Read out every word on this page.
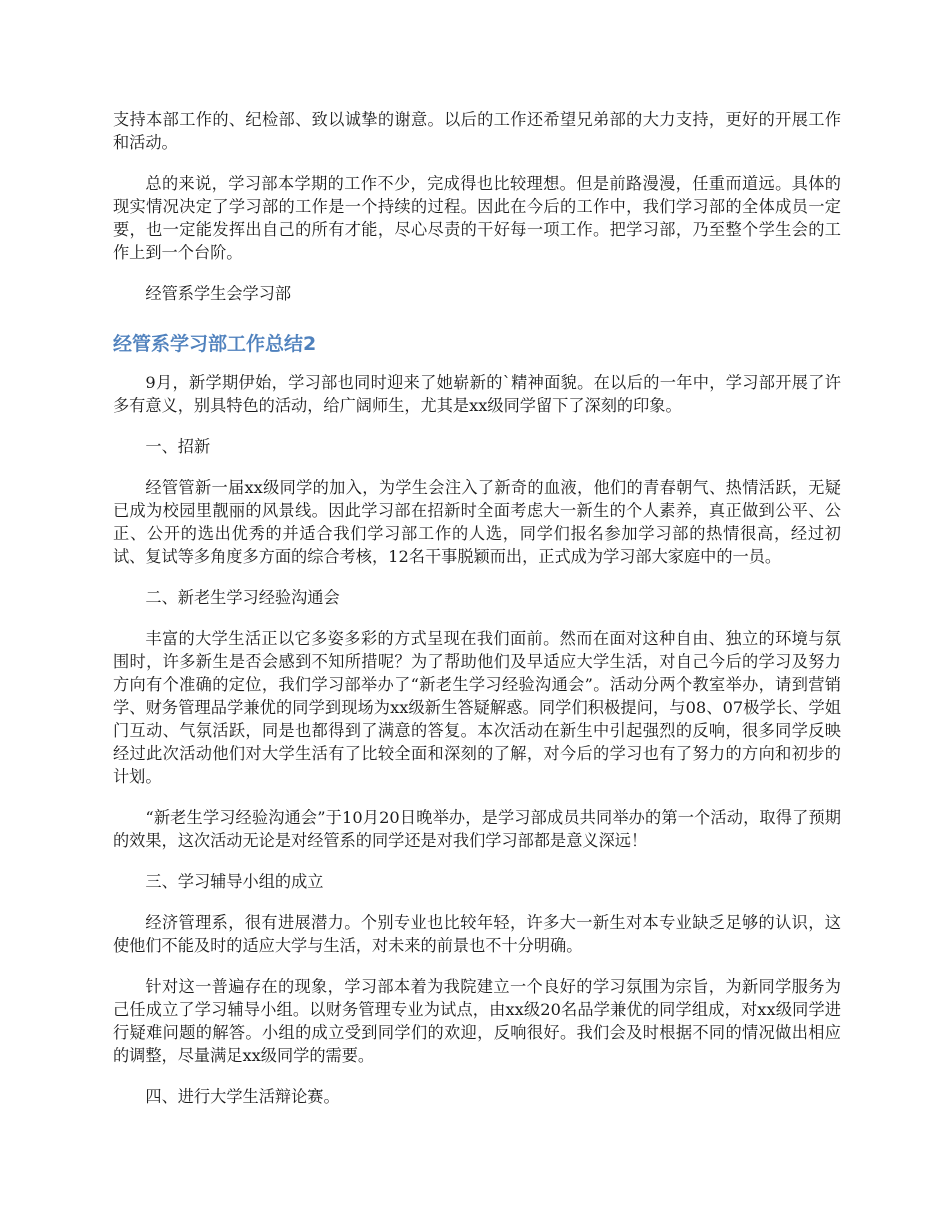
支持本部工作的、纪检部、致以诚挚的谢意。以后的工作还希望兄弟部的大力支持，更好的开展工作和活动。

总的来说，学习部本学期的工作不少，完成得也比较理想。但是前路漫漫，任重而道远。具体的现实情况决定了学习部的工作是一个持续的过程。因此在今后的工作中，我们学习部的全体成员一定要，也一定能发挥出自己的所有才能，尽心尽责的干好每一项工作。把学习部，乃至整个学生会的工作上到一个台阶。

经管系学生会学习部

经管系学习部工作总结2

9月，新学期伊始，学习部也同时迎来了她崭新的`精神面貌。在以后的一年中，学习部开展了许多有意义，别具特色的活动，给广阔师生，尤其是xx级同学留下了深刻的印象。

一、招新

经管管新一届xx级同学的加入，为学生会注入了新奇的血液，他们的青春朝气、热情活跃，无疑已成为校园里靓丽的风景线。因此学习部在招新时全面考虑大一新生的个人素养，真正做到公平、公正、公开的选出优秀的并适合我们学习部工作的人选，同学们报名参加学习部的热情很高，经过初试、复试等多角度多方面的综合考核，12名干事脱颖而出，正式成为学习部大家庭中的一员。

二、新老生学习经验沟通会

丰富的大学生活正以它多姿多彩的方式呈现在我们面前。然而在面对这种自由、独立的环境与氛围时，许多新生是否会感到不知所措呢？为了帮助他们及早适应大学生活，对自己今后的学习及努力方向有个准确的定位，我们学习部举办了“新老生学习经验沟通会”。活动分两个教室举办，请到营销学、财务管理品学兼优的同学到现场为xx级新生答疑解惑。同学们积极提问，与08、07极学长、学姐门互动、气氛活跃，同是也都得到了满意的答复。本次活动在新生中引起强烈的反响，很多同学反映经过此次活动他们对大学生活有了比较全面和深刻的了解，对今后的学习也有了努力的方向和初步的计划。

“新老生学习经验沟通会”于10月20日晚举办，是学习部成员共同举办的第一个活动，取得了预期的效果，这次活动无论是对经管系的同学还是对我们学习部都是意义深远！

三、学习辅导小组的成立

经济管理系，很有进展潜力。个别专业也比较年轻，许多大一新生对本专业缺乏足够的认识，这使他们不能及时的适应大学与生活，对未来的前景也不十分明确。

针对这一普遍存在的现象，学习部本着为我院建立一个良好的学习氛围为宗旨，为新同学服务为己任成立了学习辅导小组。以财务管理专业为试点，由xx级20名品学兼优的同学组成，对xx级同学进行疑难问题的解答。小组的成立受到同学们的欢迎，反响很好。我们会及时根据不同的情况做出相应的调整，尽量满足xx级同学的需要。

四、进行大学生活辩论赛。
